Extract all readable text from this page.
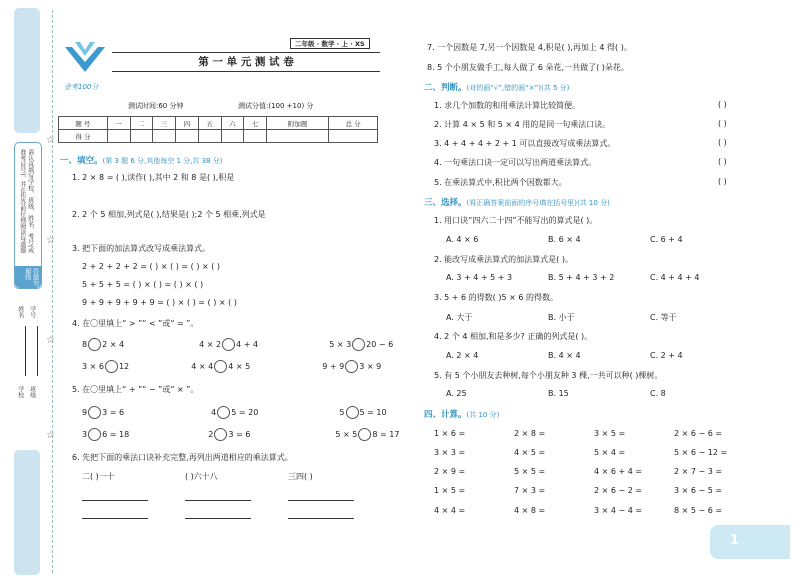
请认真填写学校、班级、姓名、考号(或准考证号)，并在作答前仔细阅读每道题
答题勿超线
姓名
学校
学号
班级
☆
☆
☆
☆
金考100分
二年级 · 数学 · 上 · XS
第 一 单 元 测 试 卷
测试时间:60 分钟	测试分值:(100 +10) 分
题 号	一	二	三	四	五	六	七	附加题	总 分
得 分									
一、填空。(第 3 题 6 分,其他每空 1 分,共 38 分)
1. 2 × 8 = ( ),读作( ),其中 2 和 8 是( ),积是
2. 2 个 5 相加,列式是( ),结果是( );2 个 5 相乘,列式是
3. 把下面的加法算式改写成乘法算式。
2 + 2 + 2 + 2 = ( ) × ( ) = ( ) × ( )
5 + 5 + 5 = ( ) × ( ) = ( ) × ( )
9 + 9 + 9 + 9 + 9 = ( ) × ( ) = ( ) × ( )
4. 在〇里填上“ > ”“ < ”或“ = ”。
8 2 × 4	4 × 2 4 + 4	5 × 3 20 − 6
3 × 6 12	4 × 4 4 × 5	9 + 9 3 × 9
5. 在〇里填上“ + ”“ − ”或“ × ”。
9 3 = 6	4 5 = 20	5 5 = 10
3 6 = 18	2 3 = 6	5 × 5 8 = 17
6. 先把下面的乘法口诀补充完整,再列出两道相应的乘法算式。
二( )一十	( )六十八	三四( )
7. 一个因数是 7,另一个因数是 4,积是( ),再加上 4 得( )。
8. 5 个小朋友做手工,每人做了 6 朵花,一共做了( )朵花。
二、判断。(对的画“√”,错的画“×”)(共 5 分)
1. 求几个加数的和用乘法计算比较简便。	( )
2. 计算 4 × 5 和 5 × 4 用的是同一句乘法口诀。	( )
3. 4 + 4 + 4 + 2 + 1 可以直接改写成乘法算式。	( )
4. 一句乘法口诀一定可以写出两道乘法算式。	( )
5. 在乘法算式中,积比两个因数都大。	( )
三、选择。(将正确答案前面的序号填在括号里)(共 10 分)
1. 用口诀“四六二十四”不能写出的算式是( )。
A. 4 × 6	B. 6 × 4	C. 6 + 4
2. 能改写成乘法算式的加法算式是( )。
A. 3 + 4 + 5 + 3	B. 5 + 4 + 3 + 2	C. 4 + 4 + 4
3. 5 + 6 的得数( )5 × 6 的得数。
A. 大于	B. 小于	C. 等于
4. 2 个 4 相加,和是多少? 正确的列式是( )。
A. 2 × 4	B. 4 × 4	C. 2 + 4
5. 有 5 个小朋友去种树,每个小朋友种 3 棵,一共可以种( )棵树。
A. 25	B. 15	C. 8
四、计算。(共 10 分)
1 × 6 =	2 × 8 =	3 × 5 =	2 × 6 − 6 =
3 × 3 =	4 × 5 =	5 × 4 =	5 × 6 − 12 =
2 × 9 =	5 × 5 =	4 × 6 + 4 =	2 × 7 − 3 =
1 × 5 =	7 × 3 =	2 × 6 − 2 =	3 × 6 − 5 =
4 × 4 =	4 × 8 =	3 × 4 − 4 =	8 × 5 − 6 =
1
